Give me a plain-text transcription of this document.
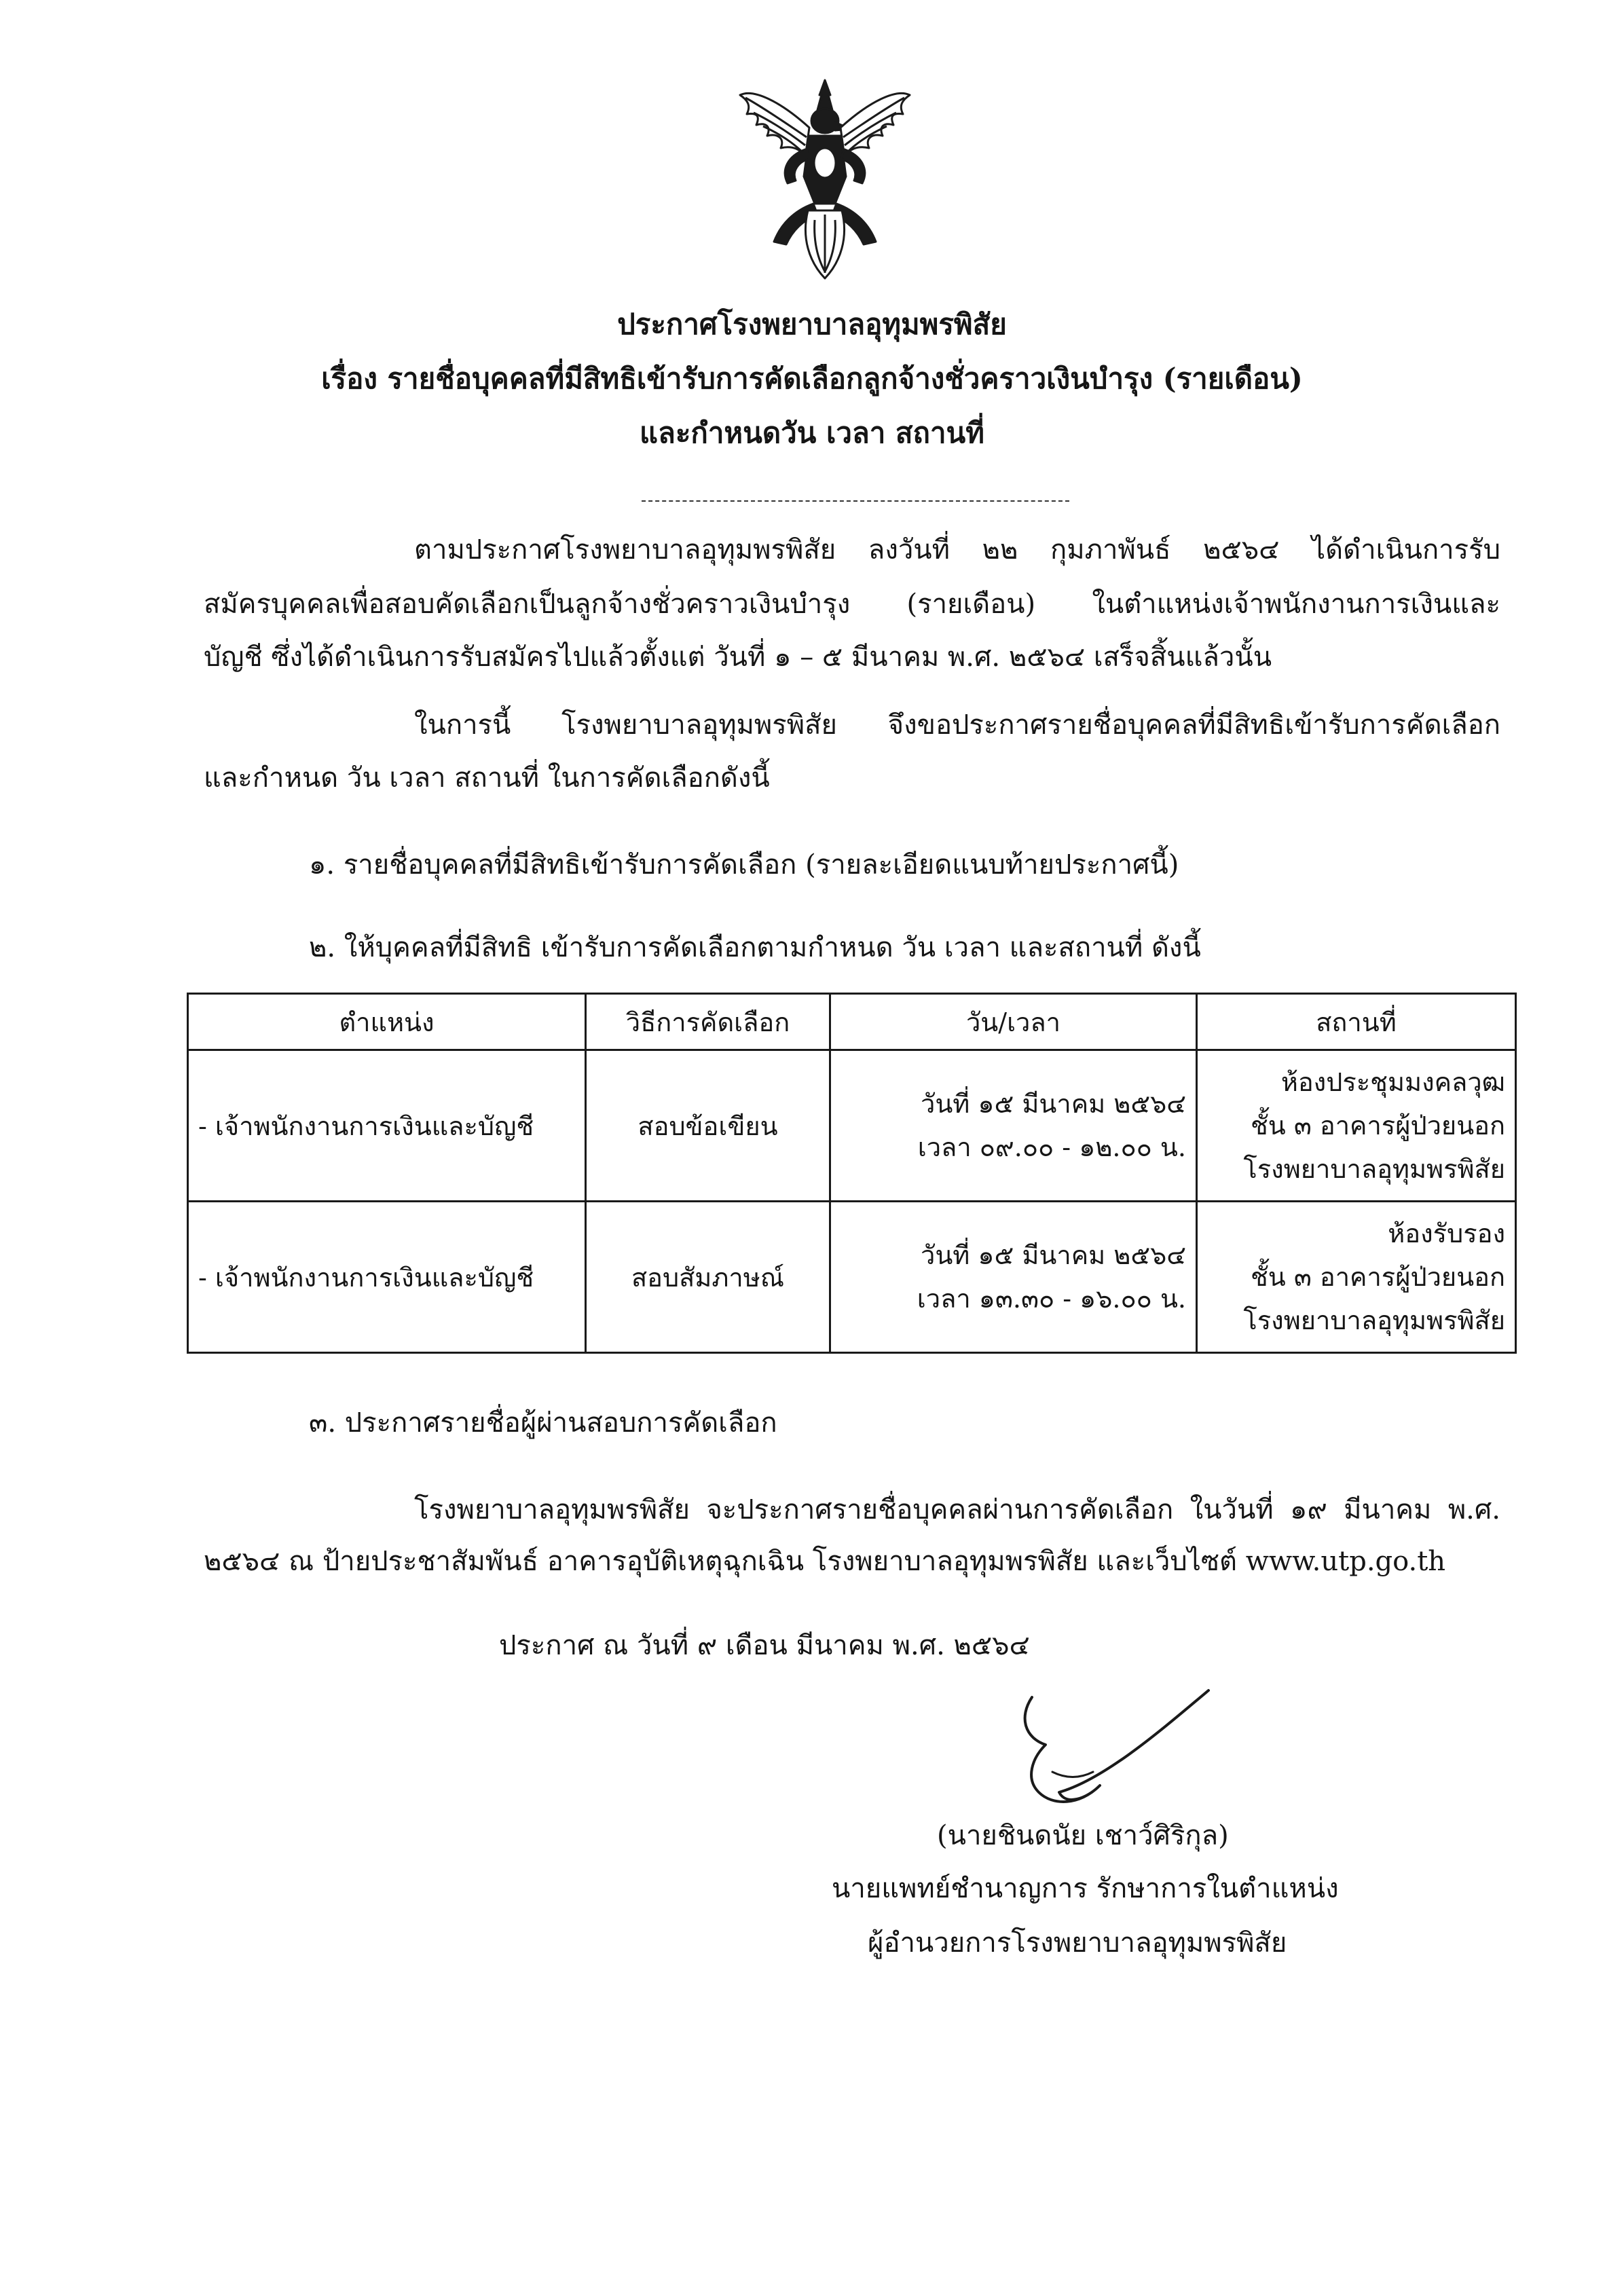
ประกาศโรงพยาบาลอุทุมพรพิสัย

เรื่อง รายชื่อบุคคลที่มีสิทธิเข้ารับการคัดเลือกลูกจ้างชั่วคราวเงินบำรุง (รายเดือน)

และกำหนดวัน เวลา สถานที่

ตามประกาศโรงพยาบาลอุทุมพรพิสัย ลงวันที่ ๒๒ กุมภาพันธ์ ๒๕๖๔ ได้ดำเนินการรับ

สมัครบุคคลเพื่อสอบคัดเลือกเป็นลูกจ้างชั่วคราวเงินบำรุง (รายเดือน) ในตำแหน่งเจ้าพนักงานการเงินและ

บัญชี ซึ่งได้ดำเนินการรับสมัครไปแล้วตั้งแต่ วันที่ ๑ – ๕ มีนาคม พ.ศ. ๒๕๖๔ เสร็จสิ้นแล้วนั้น

ในการนี้ โรงพยาบาลอุทุมพรพิสัย จึงขอประกาศรายชื่อบุคคลที่มีสิทธิเข้ารับการคัดเลือก

และกำหนด วัน เวลา สถานที่ ในการคัดเลือกดังนี้

๑. รายชื่อบุคคลที่มีสิทธิเข้ารับการคัดเลือก (รายละเอียดแนบท้ายประกาศนี้)

๒. ให้บุคคลที่มีสิทธิ เข้ารับการคัดเลือกตามกำหนด วัน เวลา และสถานที่ ดังนี้

ตำแหน่ง	วิธีการคัดเลือก	วัน/เวลา	สถานที่
- เจ้าพนักงานการเงินและบัญชี	สอบข้อเขียน	วันที่ ๑๕ มีนาคม ๒๕๖๔
เวลา ๐๙.๐๐ - ๑๒.๐๐ น.	ห้องประชุมมงคลวุฒ
ชั้น ๓ อาคารผู้ป่วยนอก
โรงพยาบาลอุทุมพรพิสัย

- เจ้าพนักงานการเงินและบัญชี	สอบสัมภาษณ์	วันที่ ๑๕ มีนาคม ๒๕๖๔
เวลา ๑๓.๓๐ - ๑๖.๐๐ น.	ห้องรับรอง
ชั้น ๓ อาคารผู้ป่วยนอก
โรงพยาบาลอุทุมพรพิสัย

๓. ประกาศรายชื่อผู้ผ่านสอบการคัดเลือก

โรงพยาบาลอุทุมพรพิสัย จะประกาศรายชื่อบุคคลผ่านการคัดเลือก ในวันที่ ๑๙ มีนาคม พ.ศ.

๒๕๖๔ ณ ป้ายประชาสัมพันธ์ อาคารอุบัติเหตุฉุกเฉิน โรงพยาบาลอุทุมพรพิสัย และเว็บไซต์ www.utp.go.th

ประกาศ ณ วันที่ ๙ เดือน มีนาคม พ.ศ. ๒๕๖๔

(นายชินดนัย เชาว์ศิริกุล)

นายแพทย์ชำนาญการ รักษาการในตำแหน่ง

ผู้อำนวยการโรงพยาบาลอุทุมพรพิสัย
